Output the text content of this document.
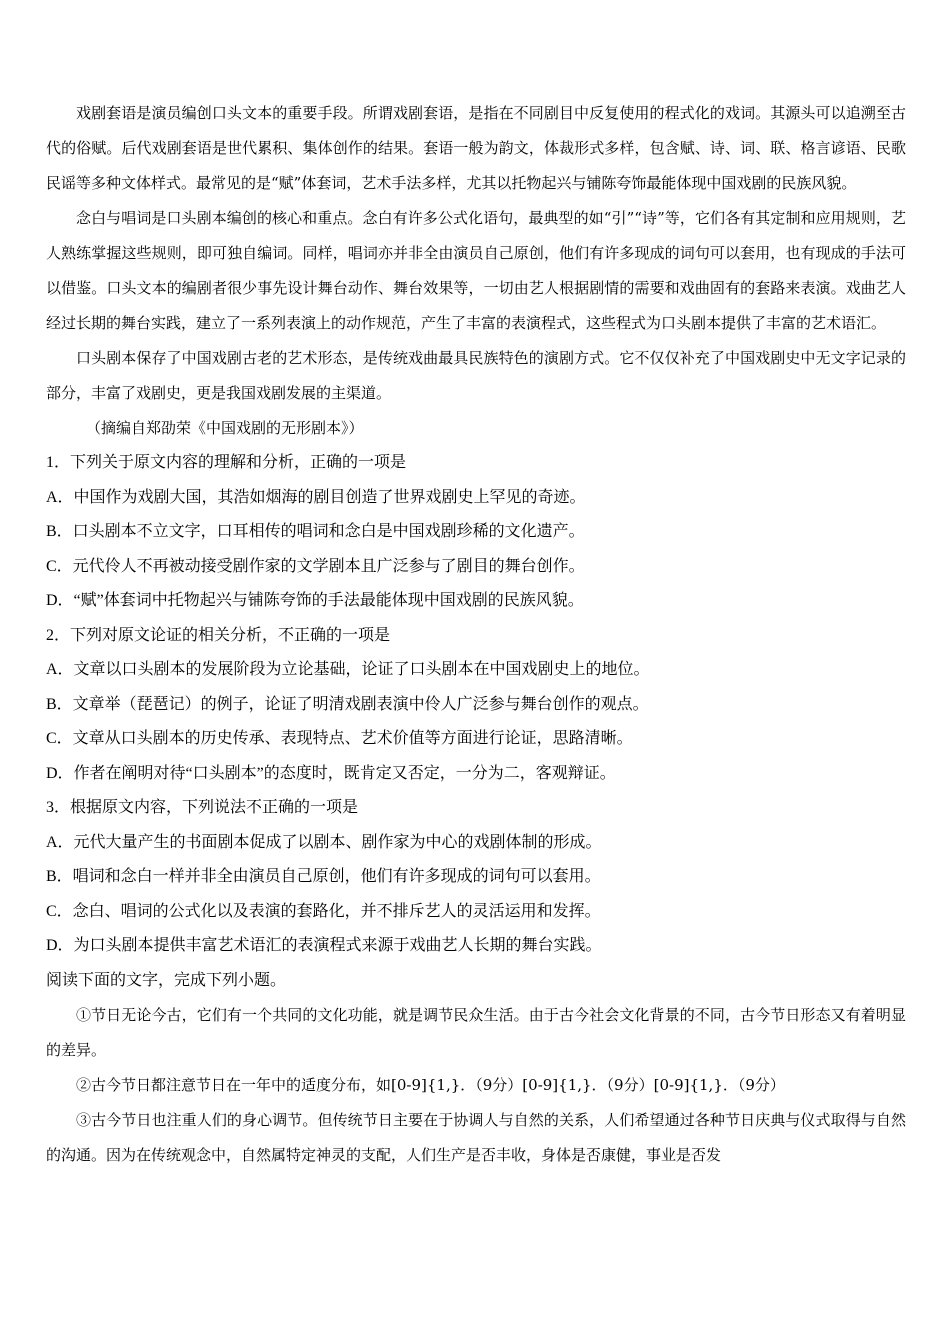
戏剧套语是演员编创口头文本的重要手段。所谓戏剧套语，是指在不同剧目中反复使用的程式化的戏词。其源头可以追溯至古代的俗赋。后代戏剧套语是世代累积、集体创作的结果。套语一般为韵文，体裁形式多样，包含赋、诗、词、联、格言谚语、民歌民谣等多种文体样式。最常见的是“赋”体套词，艺术手法多样，尤其以托物起兴与铺陈夸饰最能体现中国戏剧的民族风貌。

念白与唱词是口头剧本编创的核心和重点。念白有许多公式化语句，最典型的如“引”“诗”等，它们各有其定制和应用规则，艺人熟练掌握这些规则，即可独自编词。同样，唱词亦并非全由演员自己原创，他们有许多现成的词句可以套用，也有现成的手法可以借鉴。口头文本的编剧者很少事先设计舞台动作、舞台效果等，一切由艺人根据剧情的需要和戏曲固有的套路来表演。戏曲艺人经过长期的舞台实践，建立了一系列表演上的动作规范，产生了丰富的表演程式，这些程式为口头剧本提供了丰富的艺术语汇。

口头剧本保存了中国戏剧古老的艺术形态，是传统戏曲最具民族特色的演剧方式。它不仅仅补充了中国戏剧史中无文字记录的部分，丰富了戏剧史，更是我国戏剧发展的主渠道。

（摘编自郑劭荣《中国戏剧的无形剧本》）

1．下列关于原文内容的理解和分析，正确的一项是

A．中国作为戏剧大国，其浩如烟海的剧目创造了世界戏剧史上罕见的奇迹。

B．口头剧本不立文字，口耳相传的唱词和念白是中国戏剧珍稀的文化遗产。

C．元代伶人不再被动接受剧作家的文学剧本且广泛参与了剧目的舞台创作。

D．“赋”体套词中托物起兴与铺陈夸饰的手法最能体现中国戏剧的民族风貌。

2．下列对原文论证的相关分析，不正确的一项是

A．文章以口头剧本的发展阶段为立论基础，论证了口头剧本在中国戏剧史上的地位。

B．文章举（琵琶记）的例子，论证了明清戏剧表演中伶人广泛参与舞台创作的观点。

C．文章从口头剧本的历史传承、表现特点、艺术价值等方面进行论证，思路清晰。

D．作者在阐明对待“口头剧本”的态度时，既肯定又否定，一分为二，客观辩证。

3．根据原文内容，下列说法不正确的一项是

A．元代大量产生的书面剧本促成了以剧本、剧作家为中心的戏剧体制的形成。

B．唱词和念白一样并非全由演员自己原创，他们有许多现成的词句可以套用。

C．念白、唱词的公式化以及表演的套路化，并不排斥艺人的灵活运用和发挥。

D．为口头剧本提供丰富艺术语汇的表演程式来源于戏曲艺人长期的舞台实践。

阅读下面的文字，完成下列小题。

①节日无论今古，它们有一个共同的文化功能，就是调节民众生活。由于古今社会文化背景的不同，古今节日形态又有着明显的差异。

②古今节日都注意节日在一年中的适度分布，如[0-9]{1,}．（9分）[0-9]{1,}．（9分）[0-9]{1,}．（9分）

③古今节日也注重人们的身心调节。但传统节日主要在于协调人与自然的关系，人们希望通过各种节日庆典与仪式取得与自然的沟通。因为在传统观念中，自然属特定神灵的支配，人们生产是否丰收，身体是否康健，事业是否发
